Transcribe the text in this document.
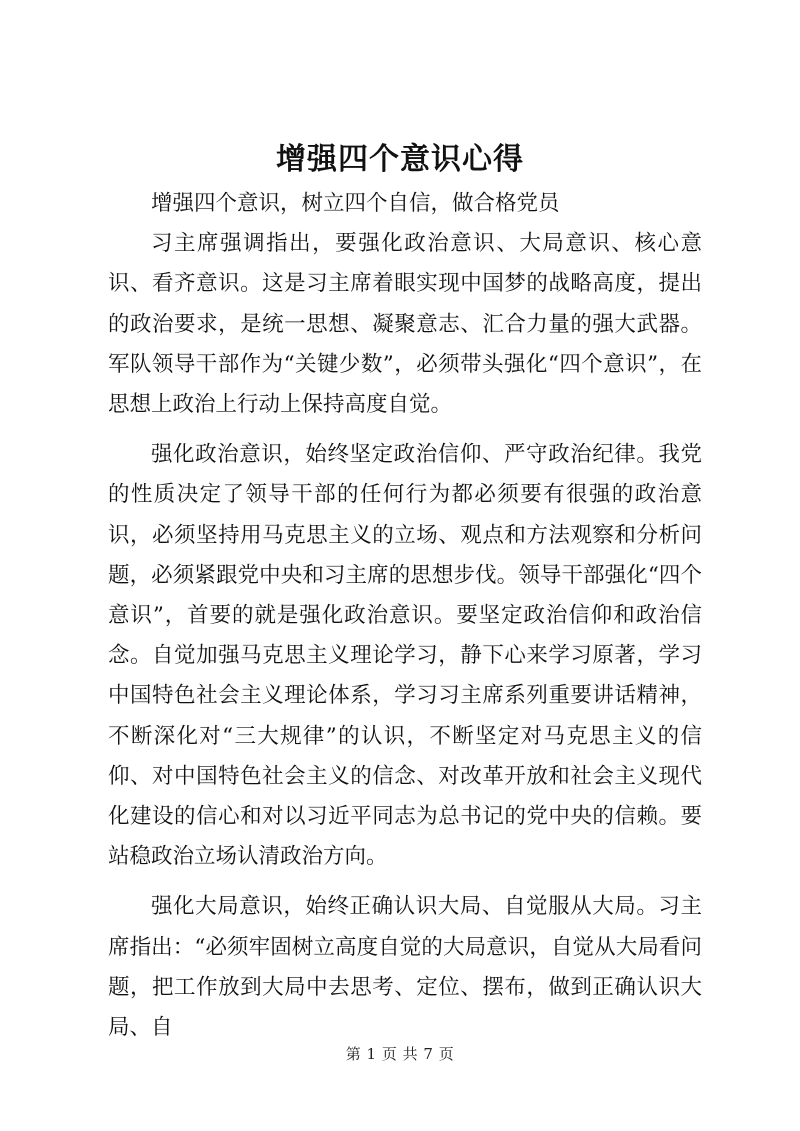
增强四个意识心得

增强四个意识，树立四个自信，做合格党员

习主席强调指出，要强化政治意识、大局意识、核心意识、看齐意识。这是习主席着眼实现中国梦的战略高度，提出的政治要求，是统一思想、凝聚意志、汇合力量的强大武器。军队领导干部作为“关键少数”，必须带头强化“四个意识”，在思想上政治上行动上保持高度自觉。

强化政治意识，始终坚定政治信仰、严守政治纪律。我党的性质决定了领导干部的任何行为都必须要有很强的政治意识，必须坚持用马克思主义的立场、观点和方法观察和分析问题，必须紧跟党中央和习主席的思想步伐。领导干部强化“四个意识”，首要的就是强化政治意识。要坚定政治信仰和政治信念。自觉加强马克思主义理论学习，静下心来学习原著，学习中国特色社会主义理论体系，学习习主席系列重要讲话精神，不断深化对“三大规律”的认识，不断坚定对马克思主义的信仰、对中国特色社会主义的信念、对改革开放和社会主义现代化建设的信心和对以习近平同志为总书记的党中央的信赖。要站稳政治立场认清政治方向。

强化大局意识，始终正确认识大局、自觉服从大局。习主席指出：“必须牢固树立高度自觉的大局意识，自觉从大局看问题，把工作放到大局中去思考、定位、摆布，做到正确认识大局、自

第 1 页 共 7 页
